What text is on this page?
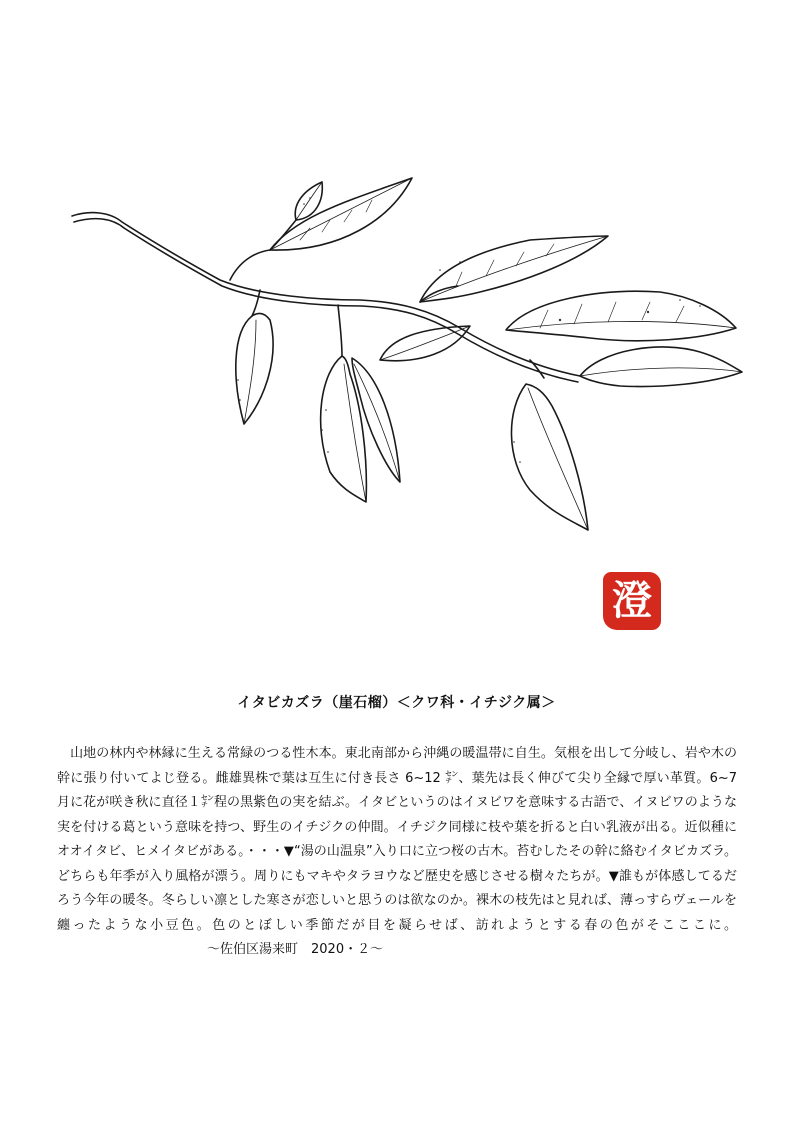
澄
イタビカズラ（崖石榴）＜クワ科・イチジク属＞

山地の林内や林縁に生える常緑のつる性木本。東北南部から沖縄の暖温帯に自生。気根を出して分岐し、岩や木の幹に張り付いてよじ登る。雌雄異株で葉は互生に付き長さ 6~12 ㌢、葉先は長く伸びて尖り全縁で厚い革質。6~7 月に花が咲き秋に直径１㌢程の黒紫色の実を結ぶ。イタビというのはイヌビワを意味する古語で、イヌビワのような実を付ける葛という意味を持つ、野生のイチジクの仲間。イチジク同様に枝や葉を折ると白い乳液が出る。近似種にオオイタビ、ヒメイタビがある。・・・▼“湯の山温泉”入り口に立つ桜の古木。苔むしたその幹に絡むイタビカズラ。どちらも年季が入り風格が漂う。周りにもマキやタラヨウなど歴史を感じさせる樹々たちが。▼誰もが体感してるだろう今年の暖冬。冬らしい凛とした寒さが恋しいと思うのは欲なのか。裸木の枝先はと見れば、薄っすらヴェールを纏ったような小豆色。色のとぼしい季節だが目を凝らせば、訪れようとする春の色がそこここに。～佐伯区湯来町　2020・２～
